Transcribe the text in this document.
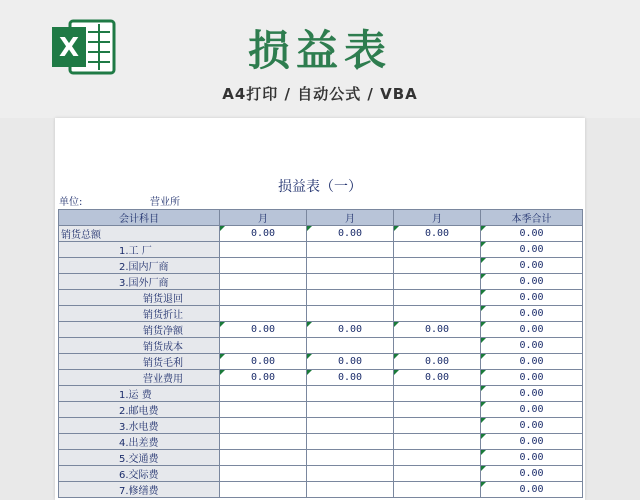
X	损益表
A4打印 / 自动公式 / VBA
损益表（一）
单位:	营业所
会计科目	月	月	月	本季合计
销货总额	0.00	0.00	0.00	0.00
1.工 厂				0.00
2.国内厂商				0.00
3.国外厂商				0.00
销货退回				0.00
销货折让				0.00
销货净额	0.00	0.00	0.00	0.00
销货成本				0.00
销货毛利	0.00	0.00	0.00	0.00
营业费用	0.00	0.00	0.00	0.00
1.运 费				0.00
2.邮电费				0.00
3.水电费				0.00
4.出差费				0.00
5.交通费				0.00
6.交际费				0.00
7.修缮费				0.00
